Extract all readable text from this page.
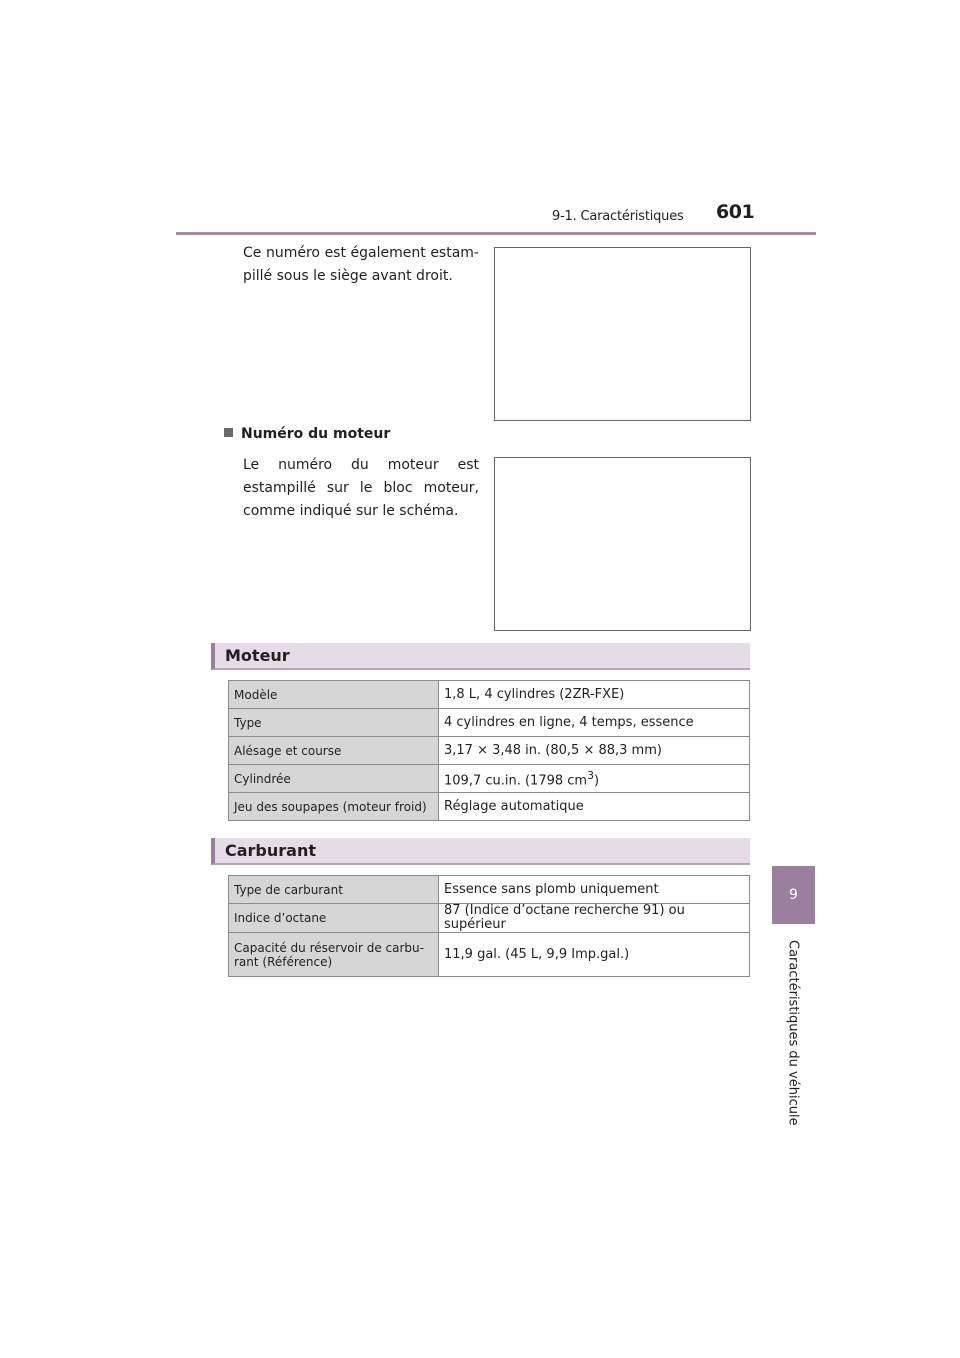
9-1. Caractéristiques 601
9
Caractéristiques du véhicule
Ce numéro est également estam-pillé sous le siège avant droit.
Numéro du moteur
Le numéro du moteur est estampillé sur le bloc moteur, comme indiqué sur le schéma.
Moteur
Modèle	1,8 L, 4 cylindres (2ZR-FXE)
Type	4 cylindres en ligne, 4 temps, essence
Alésage et course	3,17 × 3,48 in. (80,5 × 88,3 mm)
Cylindrée	109,7 cu.in. (1798 $cm^3$)
Jeu des soupapes (moteur froid)	Réglage automatique
Carburant
Type de carburant	Essence sans plomb uniquement
Indice d’octane	87 (Indice d’octane recherche 91) ou supérieur
Capacité du réservoir de carbu-rant (Référence)	11,9 gal. (45 L, 9,9 Imp.gal.)
